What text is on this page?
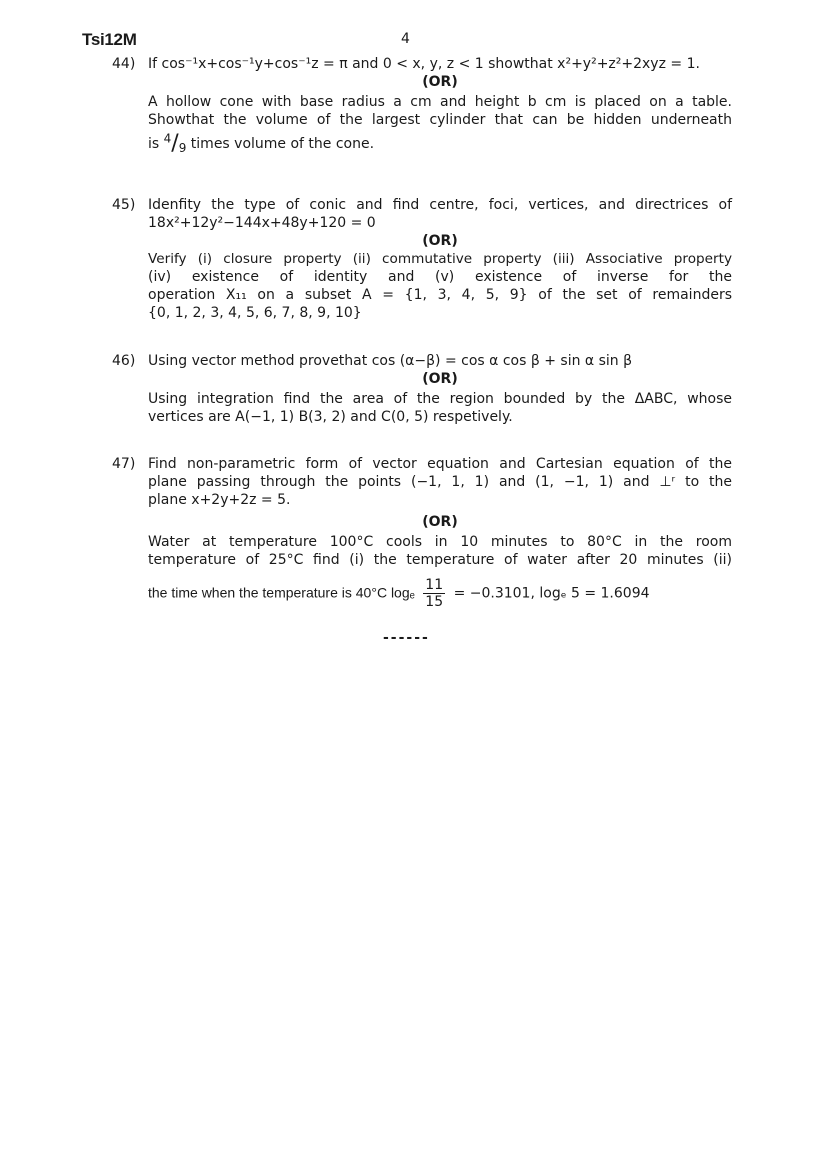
Tsi12M	4
44) If cos⁻¹x+cos⁻¹y+cos⁻¹z = π and 0 < x, y, z < 1 showthat x²+y²+z²+2xyz = 1.
(OR)
A hollow cone with base radius a cm and height b cm is placed on a table.
Showthat the volume of the largest cylinder that can be hidden underneath
is $^4/_9$ times volume of the cone.
45) Idenfity the type of conic and find centre, foci, vertices, and directrices of
18x²+12y²−144x+48y+120 = 0
(OR)
Verify (i) closure property (ii) commutative property (iii) Associative property
(iv) existence of identity and (v) existence of inverse for the
operation X₁₁ on a subset A = {1, 3, 4, 5, 9} of the set of remainders
{0, 1, 2, 3, 4, 5, 6, 7, 8, 9, 10}
46) Using vector method provethat cos (α−β) = cos α cos β + sin α sin β
(OR)
Using integration find the area of the region bounded by the ΔABC, whose
vertices are A(−1, 1) B(3, 2) and C(0, 5) respetively.
47) Find non-parametric form of vector equation and Cartesian equation of the
plane passing through the points (−1, 1, 1) and (1, −1, 1) and ⊥ʳ to the
plane x+2y+2z = 5.
(OR)
Water at temperature 100°C cools in 10 minutes to 80°C in the room
temperature of 25°C find (i) the temperature of water after 20 minutes (ii)
the time when the temperature is 40°C logₑ $\frac{11}{15} = -0.3101$, logₑ 5 = 1.6094
------
